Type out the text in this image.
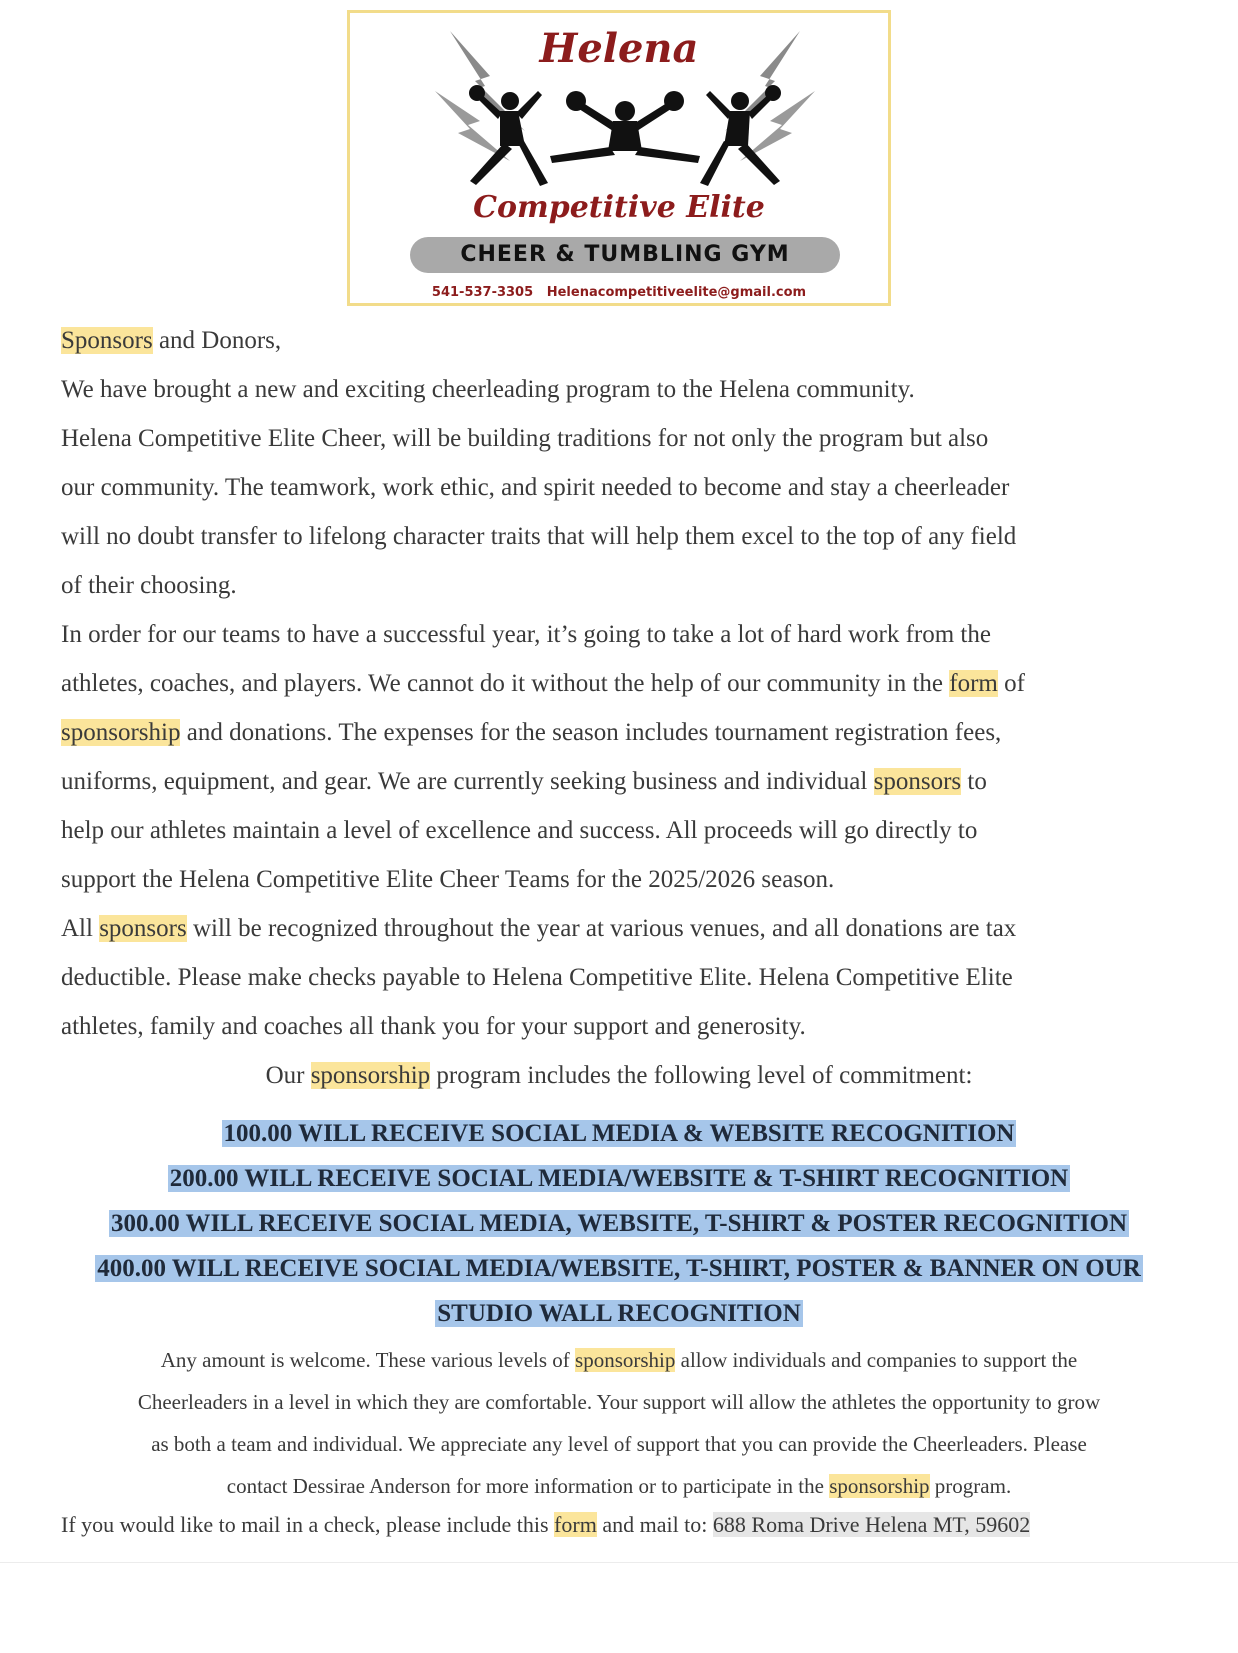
Helena
Competitive Elite
CHEER & TUMBLING GYM
541-537-3305 Helenacompetitiveelite@gmail.com
Sponsors and Donors,
We have brought a new and exciting cheerleading program to the Helena community.
Helena Competitive Elite Cheer, will be building traditions for not only the program but also
our community. The teamwork, work ethic, and spirit needed to become and stay a cheerleader
will no doubt transfer to lifelong character traits that will help them excel to the top of any field
of their choosing.
In order for our teams to have a successful year, it’s going to take a lot of hard work from the
athletes, coaches, and players. We cannot do it without the help of our community in the form of
sponsorship and donations. The expenses for the season includes tournament registration fees,
uniforms, equipment, and gear. We are currently seeking business and individual sponsors to
help our athletes maintain a level of excellence and success. All proceeds will go directly to
support the Helena Competitive Elite Cheer Teams for the 2025/2026 season.
All sponsors will be recognized throughout the year at various venues, and all donations are tax
deductible. Please make checks payable to Helena Competitive Elite. Helena Competitive Elite
athletes, family and coaches all thank you for your support and generosity.
Our sponsorship program includes the following level of commitment:
100.00 WILL RECEIVE SOCIAL MEDIA & WEBSITE RECOGNITION
200.00 WILL RECEIVE SOCIAL MEDIA/WEBSITE & T-SHIRT RECOGNITION
300.00 WILL RECEIVE SOCIAL MEDIA, WEBSITE, T-SHIRT & POSTER RECOGNITION
400.00 WILL RECEIVE SOCIAL MEDIA/WEBSITE, T-SHIRT, POSTER & BANNER ON OUR
STUDIO WALL RECOGNITION
Any amount is welcome. These various levels of sponsorship allow individuals and companies to support the
Cheerleaders in a level in which they are comfortable. Your support will allow the athletes the opportunity to grow
as both a team and individual. We appreciate any level of support that you can provide the Cheerleaders. Please
contact Dessirae Anderson for more information or to participate in the sponsorship program.
If you would like to mail in a check, please include this form and mail to: 688 Roma Drive Helena MT, 59602
